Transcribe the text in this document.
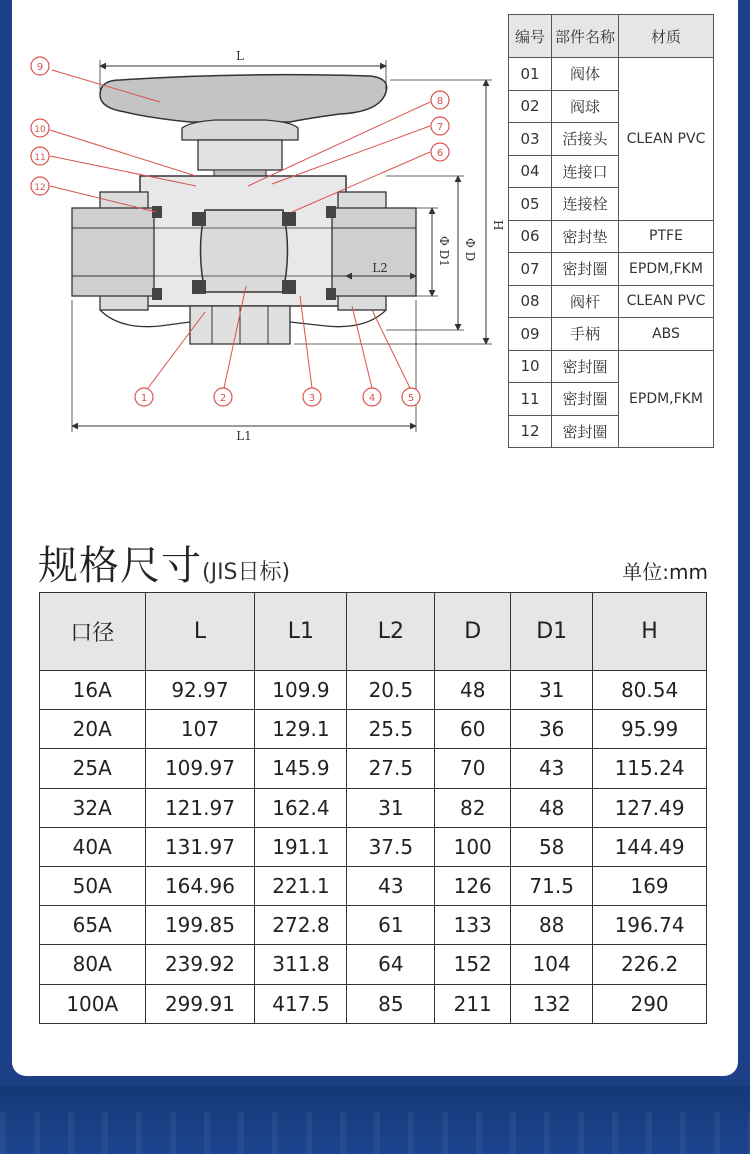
L
L1
L2
H
Φ D
Φ D1
9
10
11
12
8
7
6
1	2	3	4	5
编号	部件名称	材质
01	阀体	CLEAN PVC
02	阀球	
03	活接头	
04	连接口	
05	连接栓	
06	密封垫	PTFE
07	密封圈	EPDM,FKM
08	阀杆	CLEAN PVC
09	手柄	ABS
10	密封圈	EPDM,FKM
11	密封圈	
12	密封圈	
规格尺寸(JIS日标)	单位:mm
口径	L	L1	L2	D	D1	H
16A	92.97	109.9	20.5	48	31	80.54
20A	107	129.1	25.5	60	36	95.99
25A	109.97	145.9	27.5	70	43	115.24
32A	121.97	162.4	31	82	48	127.49
40A	131.97	191.1	37.5	100	58	144.49
50A	164.96	221.1	43	126	71.5	169
65A	199.85	272.8	61	133	88	196.74
80A	239.92	311.8	64	152	104	226.2
100A	299.91	417.5	85	211	132	290
